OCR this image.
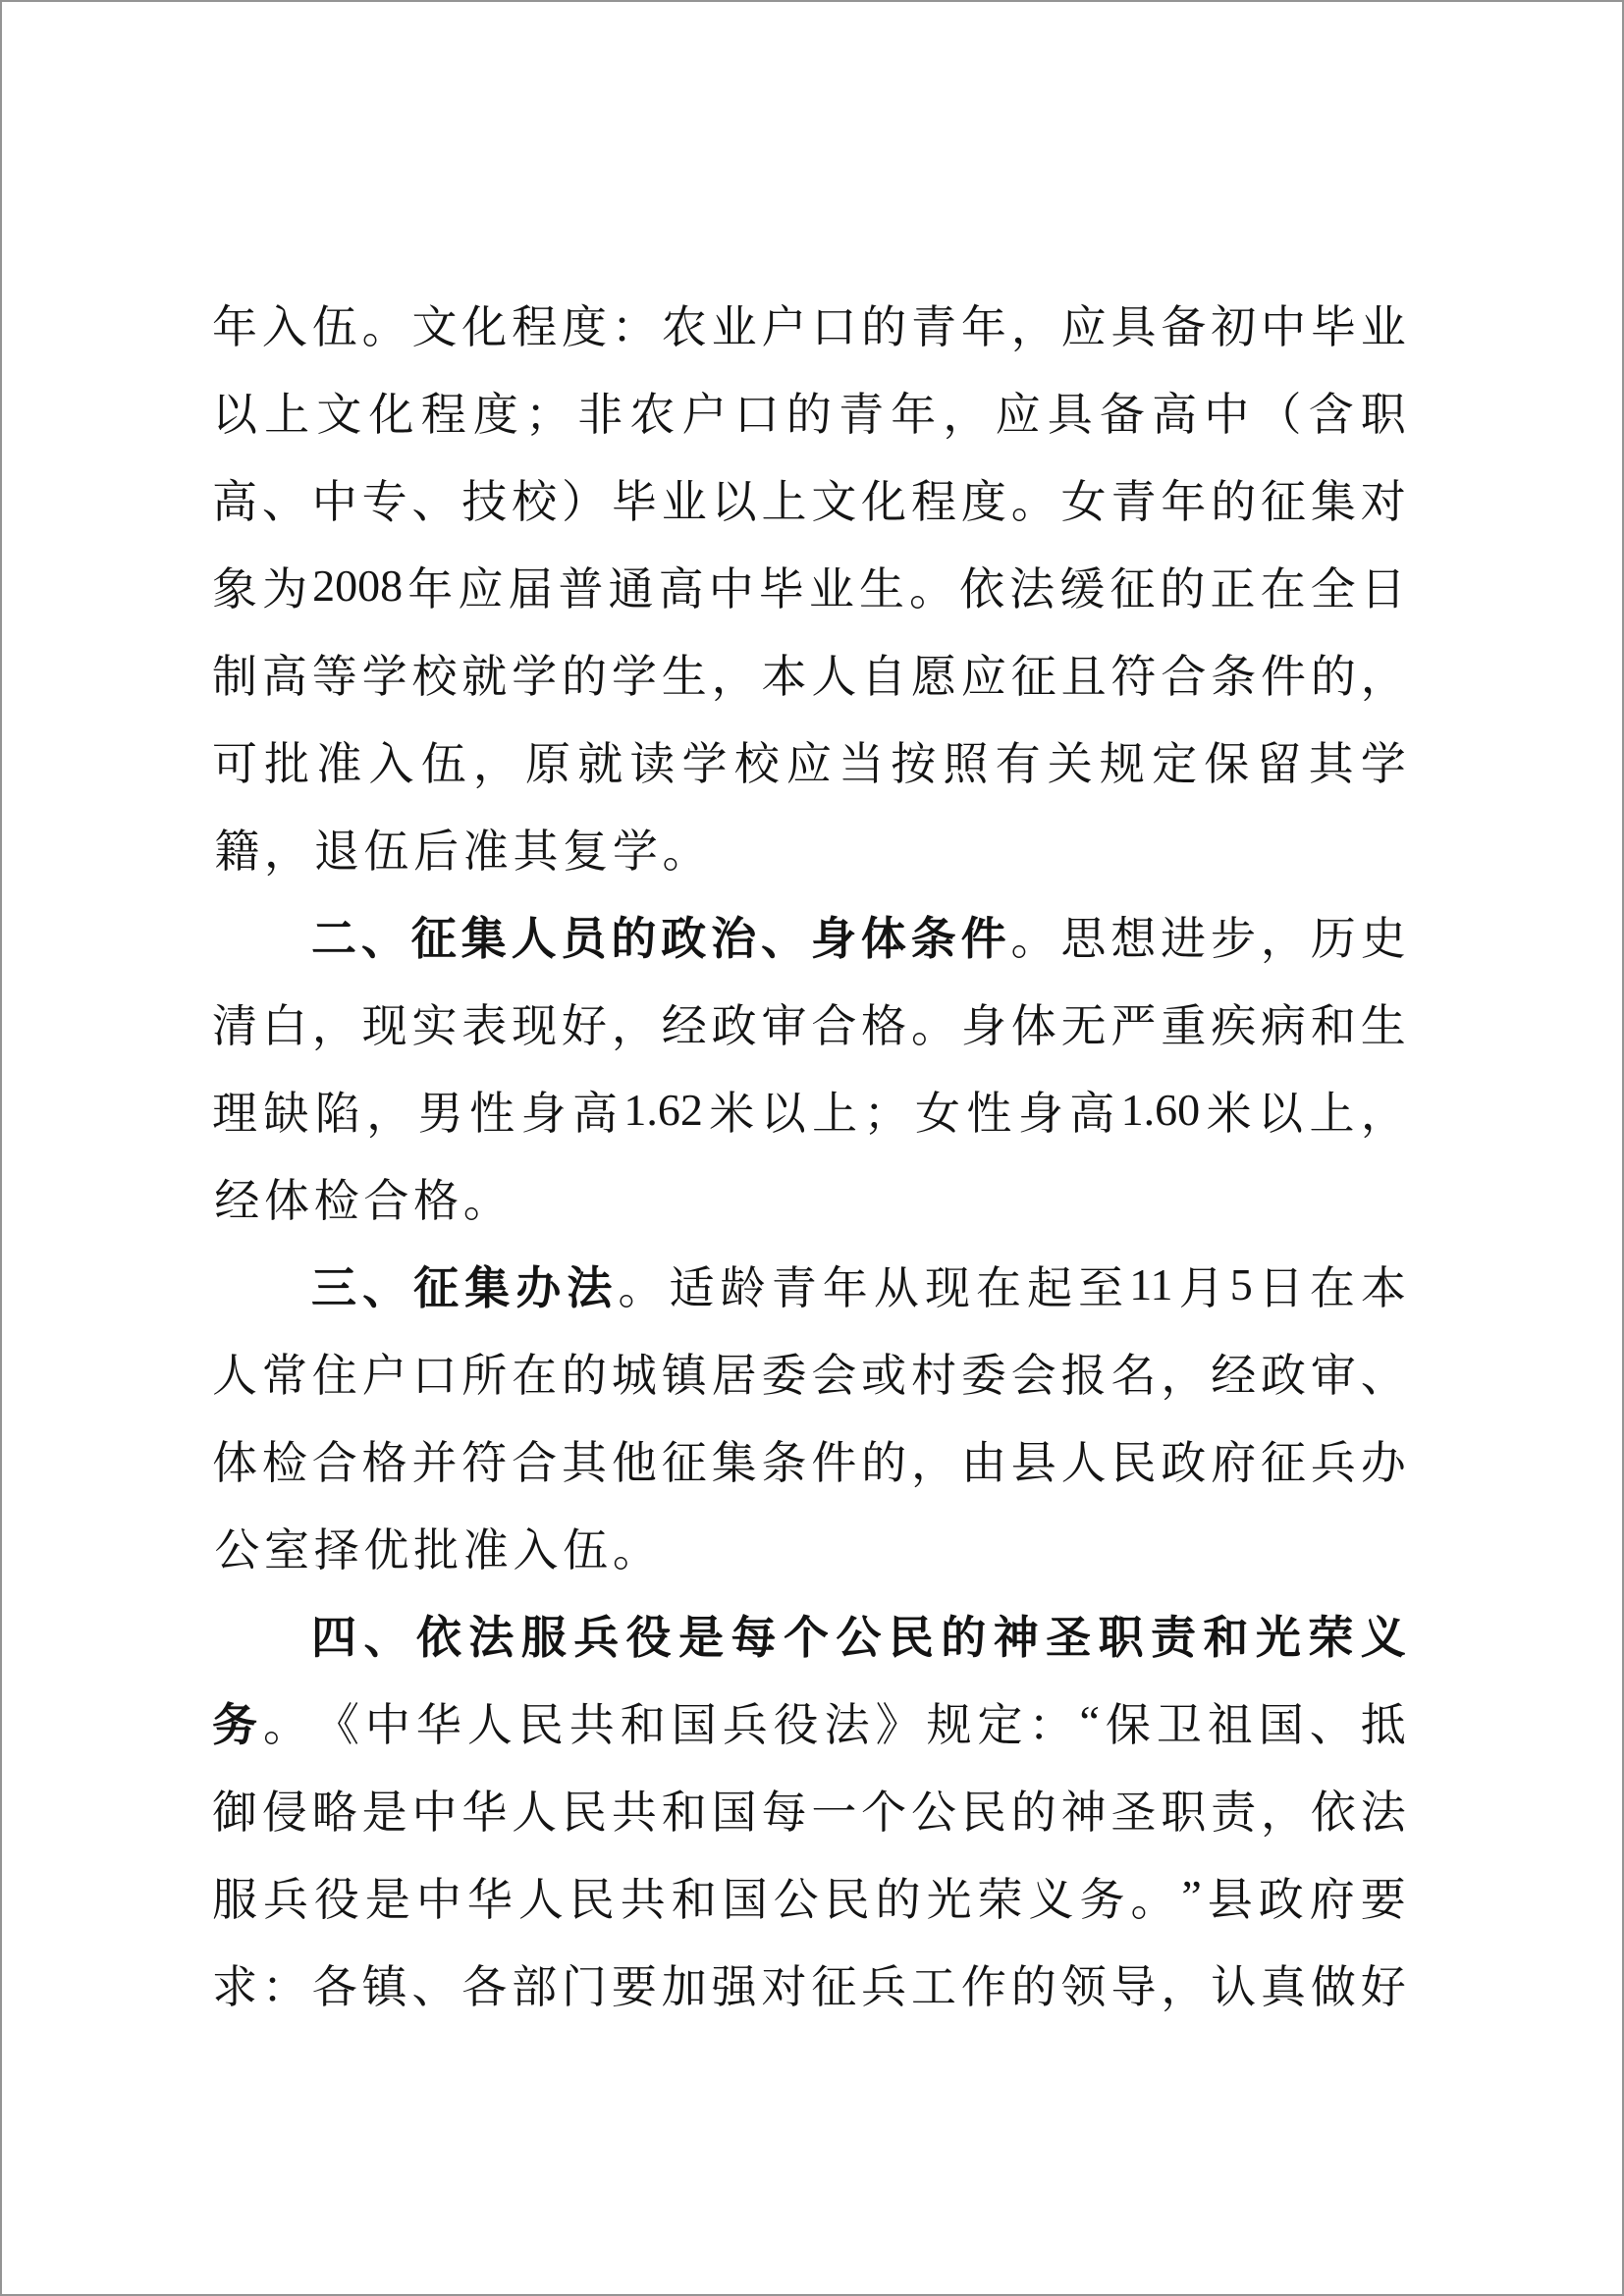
年 入 伍 。 文 化 程 度 ： 农 业 户 口 的 青 年 ， 应 具 备 初 中 毕 业
以 上 文 化 程 度 ； 非 农 户 口 的 青 年 ， 应 具 备 高 中 （ 含 职
高 、 中 专 、 技 校 ） 毕 业 以 上 文 化 程 度 。 女 青 年 的 征 集 对
象 为 2008 年 应 届 普 通 高 中 毕 业 生 。 依 法 缓 征 的 正 在 全 日
制 高 等 学 校 就 学 的 学 生 ， 本 人 自 愿 应 征 且 符 合 条 件 的 ，
可 批 准 入 伍 ， 原 就 读 学 校 应 当 按 照 有 关 规 定 保 留 其 学
籍 ， 退 伍 后 准 其 复 学 。
二 、 征 集 人 员 的 政 治 、 身 体 条 件 。 思 想 进 步 ， 历 史
清 白 ， 现 实 表 现 好 ， 经 政 审 合 格 。 身 体 无 严 重 疾 病 和 生
理 缺 陷 ， 男 性 身 高 1.62 米 以 上 ； 女 性 身 高 1.60 米 以 上 ，
经 体 检 合 格 。
三 、 征 集 办 法 。 适 龄 青 年 从 现 在 起 至 11 月 5 日 在 本
人 常 住 户 口 所 在 的 城 镇 居 委 会 或 村 委 会 报 名 ， 经 政 审 、
体 检 合 格 并 符 合 其 他 征 集 条 件 的 ， 由 县 人 民 政 府 征 兵 办
公 室 择 优 批 准 入 伍 。
四 、 依 法 服 兵 役 是 每 个 公 民 的 神 圣 职 责 和 光 荣 义
务 。 《 中 华 人 民 共 和 国 兵 役 法 》 规 定 ： “ 保 卫 祖 国 、 抵
御 侵 略 是 中 华 人 民 共 和 国 每 一 个 公 民 的 神 圣 职 责 ， 依 法
服 兵 役 是 中 华 人 民 共 和 国 公 民 的 光 荣 义 务 。 ” 县 政 府 要
求 ： 各 镇 、 各 部 门 要 加 强 对 征 兵 工 作 的 领 导 ， 认 真 做 好
